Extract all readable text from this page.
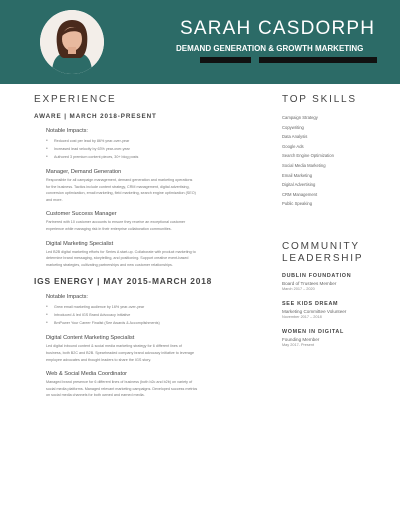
SARAH CASDORPH
DEMAND GENERATION & GROWTH MARKETING
EXPERIENCE
AWARE | MARCH 2018-PRESENT
Notable Impacts:
• Reduced cost per lead by 86% year-over-year
• Increased lead velocity by 63% year-over-year
• Authored 3 premium content pieces, 30+ blog posts
Manager, Demand Generation
Responsible for all campaign management, demand generation and marketing operations
for the business. Tactics include content strategy, CRM management, digital advertising,
conversion optimization, email marketing, field marketing, search engine optimization (SEO)
and more.
Customer Success Manager
Partnered with 10 customer accounts to ensure they receive an exceptional customer
experience while managing risk in their enterprise collaboration communities.
Digital Marketing Specialist
Led B2B digital marketing efforts for Series A start-up. Collaborate with product marketing to
determine brand messaging, storytelling, and positioning. Support creative event-based
marketing strategies, cultivating partnerships and new customer relationships.
IGS ENERGY | MAY 2015-MARCH 2018
Notable Impacts:
• Grew email marketing audience by 16% year-over-year
• Introduced & led IGS Brand Advocacy initiative
• BmPower Your Career Finalist (See Awards & Accomplishments)
Digital Content Marketing Specialist
Led digital inbound content & social media marketing strategy for 6 different lines of
business, both B2C and B2B. Spearheaded company brand advocacy initiative to leverage
employee advocates and thought leaders to share the IGS story.
Web & Social Media Coordinator
Managed brand presence for 6 different lines of business (both b2c and b2b) on variety of
social media platforms. Managed relevant marketing campaigns. Developed success metrics
on social media channels for both owned and earned media.
TOP SKILLS
Campaign Strategy
Copywriting
Data Analysis
Google Ads
Search Engine Optimization
Social Media Marketing
Email Marketing
Digital Advertising
CRM Management
Public Speaking
COMMUNITY LEADERSHIP
DUBLIN FOUNDATION
Board of Trustees Member
March 2017 – 2020
SEE KIDS DREAM
Marketing Committee Volunteer
November 2017 – 2018
WOMEN IN DIGITAL
Founding Member
May 2017- Present
